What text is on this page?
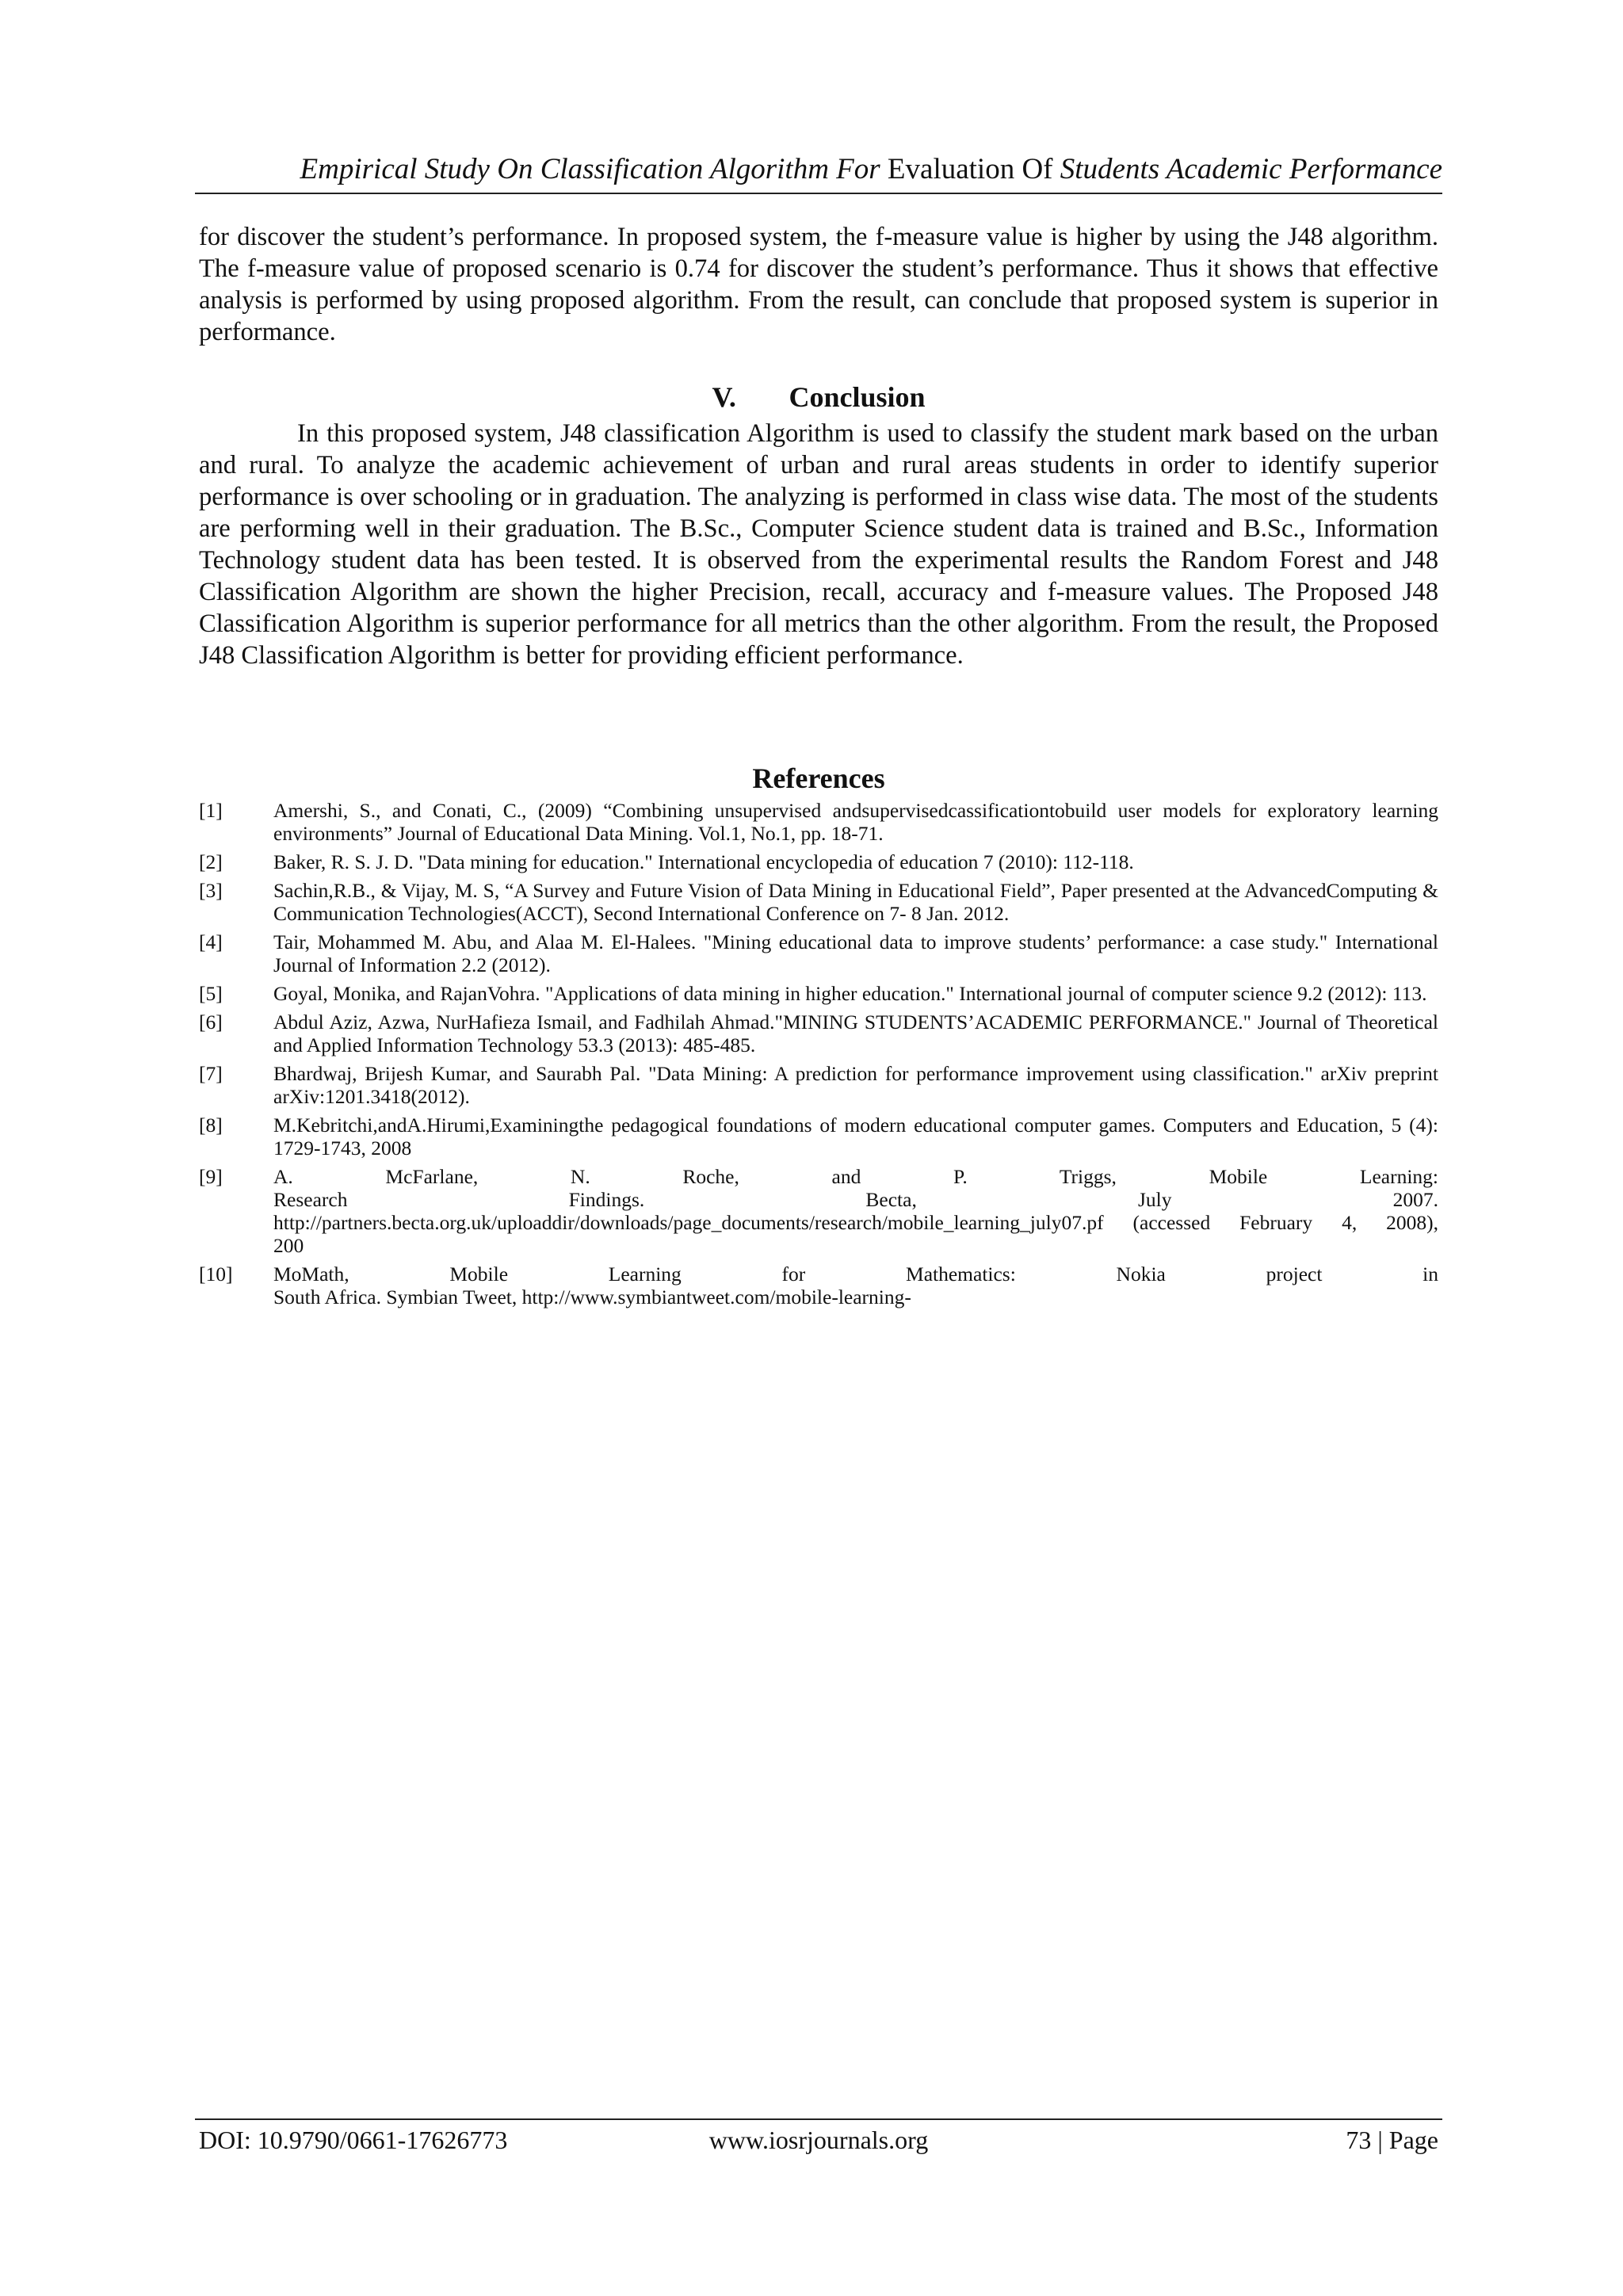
Empirical Study On Classification Algorithm For Evaluation Of Students Academic Performance

for discover the student’s performance. In proposed system, the f-measure value is higher by using the J48 algorithm. The f-measure value of proposed scenario is 0.74 for discover the student’s performance. Thus it shows that effective analysis is performed by using proposed algorithm. From the result, can conclude that proposed system is superior in performance.

V. Conclusion

In this proposed system, J48 classification Algorithm is used to classify the student mark based on the urban and rural. To analyze the academic achievement of urban and rural areas students in order to identify superior performance is over schooling or in graduation. The analyzing is performed in class wise data. The most of the students are performing well in their graduation. The B.Sc., Computer Science student data is trained and B.Sc., Information Technology student data has been tested. It is observed from the experimental results the Random Forest and J48 Classification Algorithm are shown the higher Precision, recall, accuracy and f-measure values. The Proposed J48 Classification Algorithm is superior performance for all metrics than the other algorithm. From the result, the Proposed J48 Classification Algorithm is better for providing efficient performance.

References
[1]	Amershi, S., and Conati, C., (2009) “Combining unsupervised andsupervisedcassificationtobuild user models for exploratory learning environments” Journal of Educational Data Mining. Vol.1, No.1, pp. 18-71.
[2]	Baker, R. S. J. D. "Data mining for education." International encyclopedia of education 7 (2010): 112-118.
[3]	Sachin,R.B., & Vijay, M. S, “A Survey and Future Vision of Data Mining in Educational Field”, Paper presented at the AdvancedComputing & Communication Technologies(ACCT), Second International Conference on 7- 8 Jan. 2012.
[4]	Tair, Mohammed M. Abu, and Alaa M. El-Halees. "Mining educational data to improve students’ performance: a case study." International Journal of Information 2.2 (2012).
[5]	Goyal, Monika, and RajanVohra. "Applications of data mining in higher education." International journal of computer science 9.2 (2012): 113.
[6]	Abdul Aziz, Azwa, NurHafieza Ismail, and Fadhilah Ahmad."MINING STUDENTS’ACADEMIC PERFORMANCE." Journal of Theoretical and Applied Information Technology 53.3 (2013): 485-485.
[7]	Bhardwaj, Brijesh Kumar, and Saurabh Pal. "Data Mining: A prediction for performance improvement using classification." arXiv preprint arXiv:1201.3418(2012).
[8]	M.Kebritchi,andA.Hirumi,Examiningthe pedagogical foundations of modern educational computer games. Computers and Education, 5 (4): 1729-1743, 2008
[9]	A. McFarlane, N. Roche, and P. Triggs, Mobile Learning:
Research Findings. Becta, July 2007.
http://partners.becta.org.uk/uploaddir/downloads/page_documents/research/mobile_learning_july07.pf (accessed February 4, 2008),
200
[10] MoMath, Mobile Learning for Mathematics: Nokia project in
South Africa. Symbian Tweet, http://www.symbiantweet.com/mobile-learning-
DOI: 10.9790/0661-17626773	www.iosrjournals.org	73 | Page
